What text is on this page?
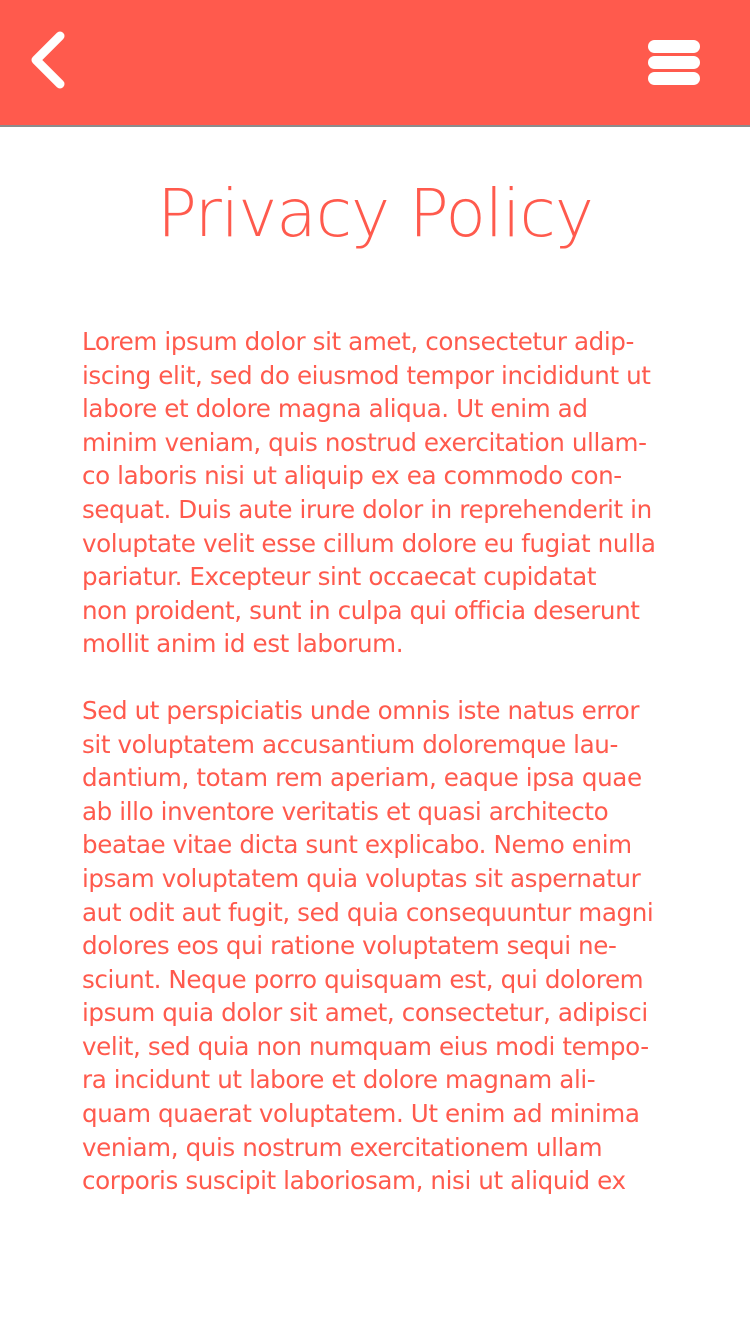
Privacy Policy

Lorem ipsum dolor sit amet, consectetur adip-
iscing elit, sed do eiusmod tempor incididunt ut
labore et dolore magna aliqua. Ut enim ad
minim veniam, quis nostrud exercitation ullam-
co laboris nisi ut aliquip ex ea commodo con-
sequat. Duis aute irure dolor in reprehenderit in
voluptate velit esse cillum dolore eu fugiat nulla
pariatur. Excepteur sint occaecat cupidatat
non proident, sunt in culpa qui officia deserunt
mollit anim id est laborum.

Sed ut perspiciatis unde omnis iste natus error
sit voluptatem accusantium doloremque lau-
dantium, totam rem aperiam, eaque ipsa quae
ab illo inventore veritatis et quasi architecto
beatae vitae dicta sunt explicabo. Nemo enim
ipsam voluptatem quia voluptas sit aspernatur
aut odit aut fugit, sed quia consequuntur magni
dolores eos qui ratione voluptatem sequi ne-
sciunt. Neque porro quisquam est, qui dolorem
ipsum quia dolor sit amet, consectetur, adipisci
velit, sed quia non numquam eius modi tempo-
ra incidunt ut labore et dolore magnam ali-
quam quaerat voluptatem. Ut enim ad minima
veniam, quis nostrum exercitationem ullam
corporis suscipit laboriosam, nisi ut aliquid ex
